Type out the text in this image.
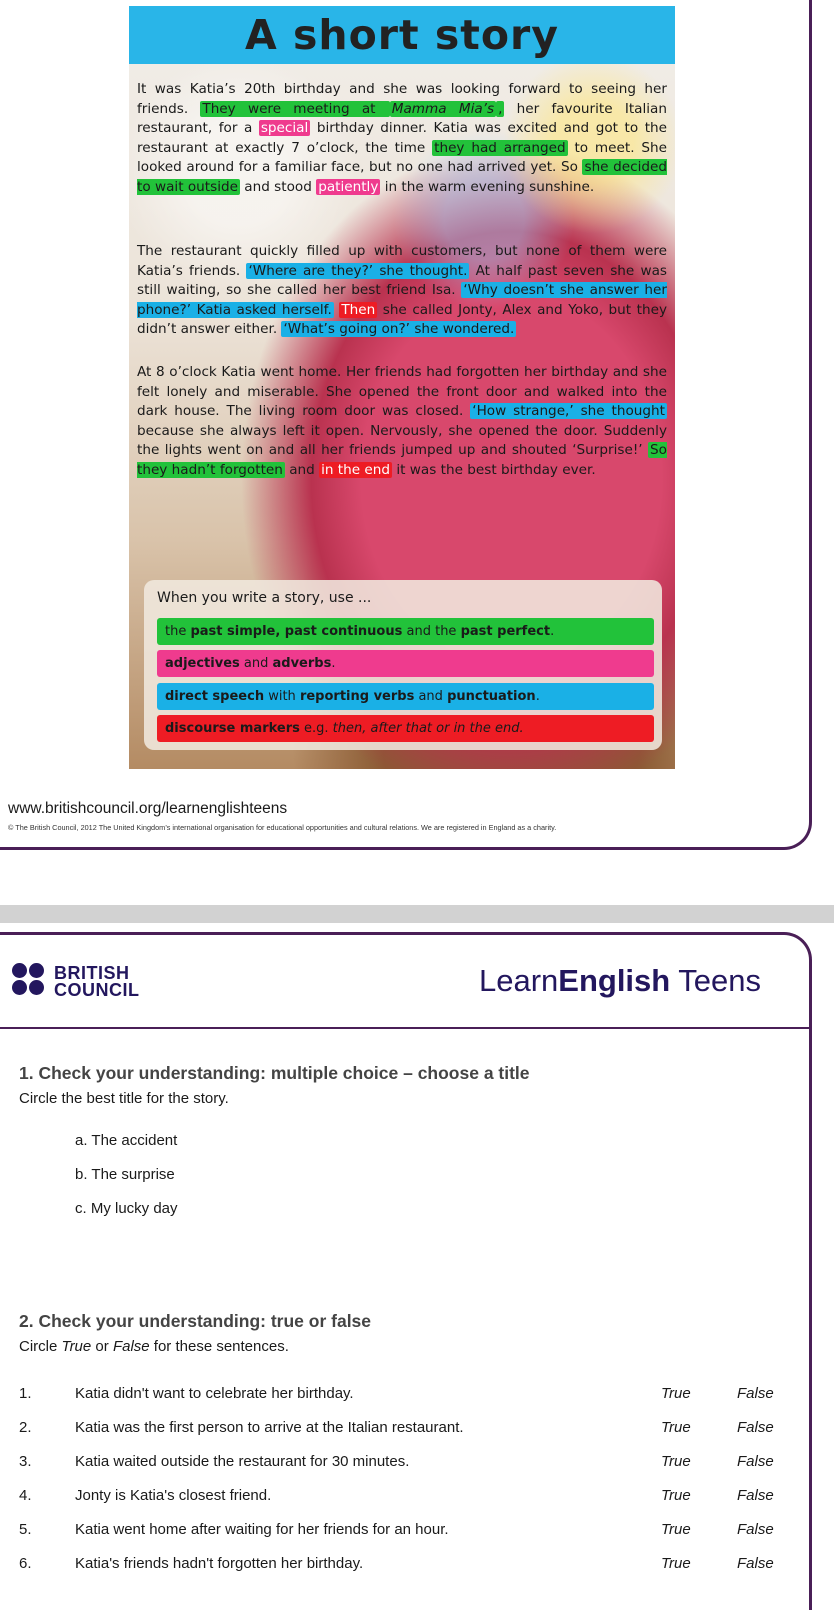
A short story

It was Katia’s 20th birthday and she was looking forward to seeing her friends. They were meeting at Mamma Mia’s , her favourite Italian restaurant, for a special birthday dinner. Katia was excited and got to the restaurant at exactly 7 o’clock, the time they had arranged to meet. She looked around for a familiar face, but no one had arrived yet. So she decided to wait outside and stood patiently in the warm evening sunshine.

The restaurant quickly filled up with customers, but none of them were Katia’s friends. ‘Where are they?’ she thought. At half past seven she was still waiting, so she called her best friend Isa. ‘Why doesn’t she answer her phone?’ Katia asked herself. Then she called Jonty, Alex and Yoko, but they didn’t answer either. ‘What’s going on?’ she wondered.

At 8 o’clock Katia went home. Her friends had forgotten her birthday and she felt lonely and miserable. She opened the front door and walked into the dark house. The living room door was closed. ‘How strange,’ she thought because she always left it open. Nervously, she opened the door. Suddenly the lights went on and all her friends jumped up and shouted ‘Surprise!’ So they hadn’t forgotten and in the end it was the best birthday ever.

When you write a story, use ...
the past simple, past continuous and the past perfect.
adjectives and adverbs.
direct speech with reporting verbs and punctuation.
discourse markers e.g. then, after that or in the end.
www.britishcouncil.org/learnenglishteens
© The British Council, 2012 The United Kingdom’s international organisation for educational opportunities and cultural relations. We are registered in England as a charity.
BRITISH
COUNCIL	LearnEnglish Teens
1. Check your understanding: multiple choice – choose a title
Circle the best title for the story.
a. The accident
b. The surprise
c. My lucky day
2. Check your understanding: true or false
Circle True or False for these sentences.
1.	Katia didn't want to celebrate her birthday.	True	False
2.	Katia was the first person to arrive at the Italian restaurant.	True	False
3.	Katia waited outside the restaurant for 30 minutes.	True	False
4.	Jonty is Katia's closest friend.	True	False
5.	Katia went home after waiting for her friends for an hour.	True	False
6.	Katia's friends hadn't forgotten her birthday.	True	False
